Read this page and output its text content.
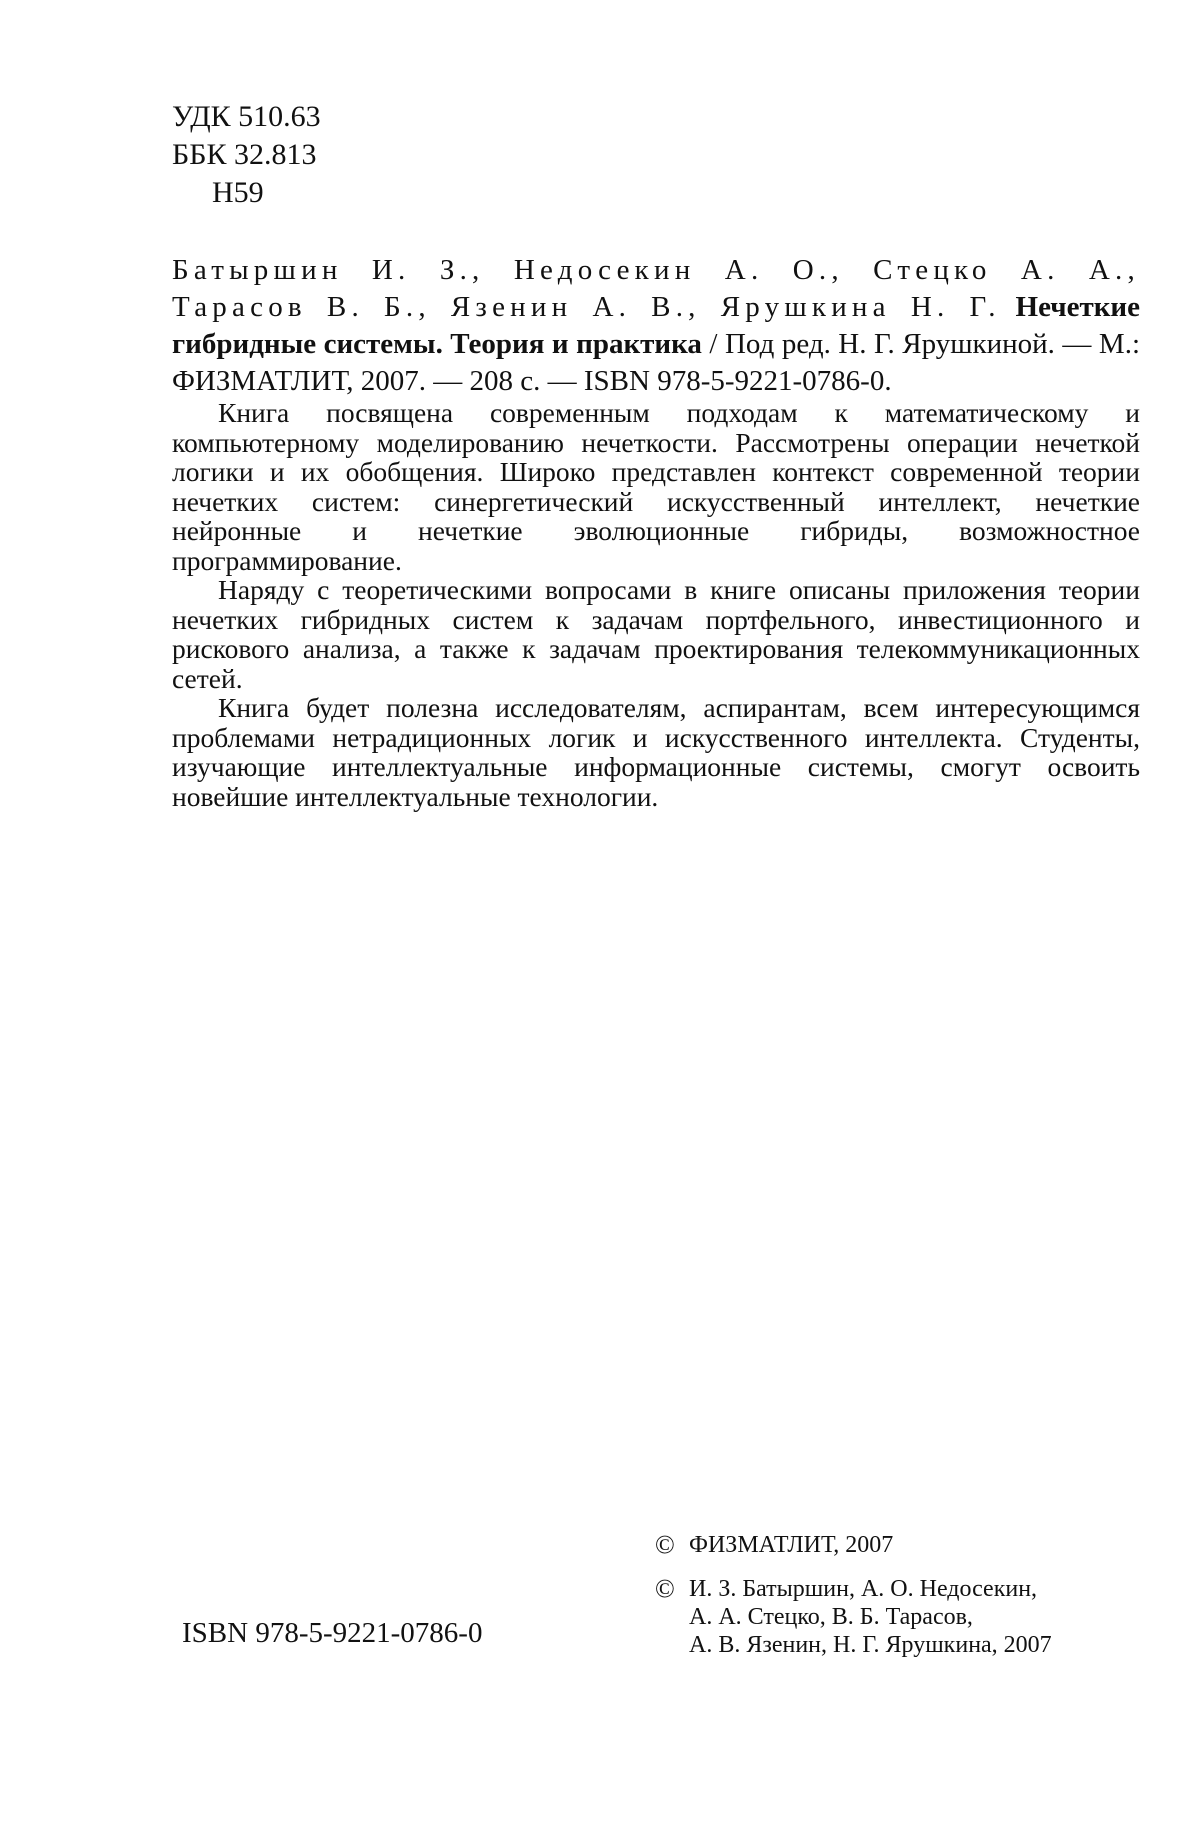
УДК 510.63
ББК 32.813
Н59
Батыршин И. З., Недосекин А. О., Стецко А. А., Тарасов В. Б., Язенин А. В., Ярушкина Н. Г. Нечеткие гибридные системы. Теория и практика / Под ред. Н. Г. Ярушкиной. — М.: ФИЗМАТЛИТ, 2007. — 208 с. — ISBN 978-5-9221-0786-0.

Книга посвящена современным подходам к математическому и компьютерному моделированию нечеткости. Рассмотрены операции нечеткой логики и их обобщения. Широко представлен контекст современной теории нечетких систем: синергетический искусственный интеллект, нечеткие нейронные и нечеткие эволюционные гибриды, возможностное программирование.

Наряду с теоретическими вопросами в книге описаны приложения теории нечетких гибридных систем к задачам портфельного, инвестиционного и рискового анализа, а также к задачам проектирования телекоммуникационных сетей.

Книга будет полезна исследователям, аспирантам, всем интересующимся проблемами нетрадиционных логик и искусственного интеллекта. Студенты, изучающие интеллектуальные информационные системы, смогут освоить новейшие интеллектуальные технологии.

ISBN 978-5-9221-0786-0
© ФИЗМАТЛИТ, 2007
© И. З. Батыршин, А. О. Недосекин,
А. А. Стецко, В. Б. Тарасов,
А. В. Язенин, Н. Г. Ярушкина, 2007
